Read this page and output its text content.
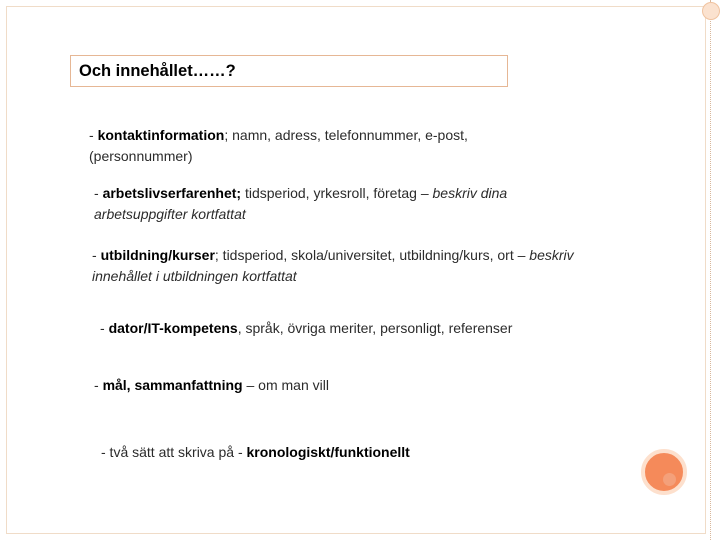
Och innehållet……?

- kontaktinformation; namn, adress, telefonnummer, e-post, (personnummer)

- arbetslivserfarenhet; tidsperiod, yrkesroll, företag – beskriv dina arbetsuppgifter kortfattat

- utbildning/kurser; tidsperiod, skola/universitet, utbildning/kurs, ort – beskriv innehållet i utbildningen kortfattat

- dator/IT-kompetens, språk, övriga meriter, personligt, referenser

- mål, sammanfattning – om man vill

- två sätt att skriva på - kronologiskt/funktionellt
